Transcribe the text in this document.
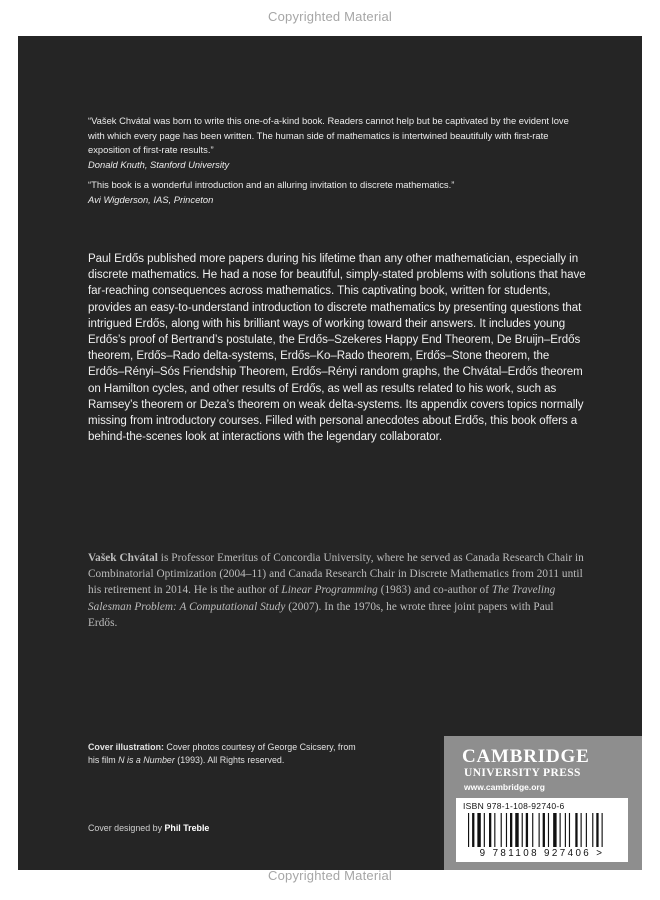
Copyrighted Material
“Vašek Chvátal was born to write this one-of-a-kind book. Readers cannot help but be captivated by the evident love with which every page has been written. The human side of mathematics is intertwined beautifully with first-rate exposition of first-rate results.”
Donald Knuth, Stanford University
“This book is a wonderful introduction and an alluring invitation to discrete mathematics.”
Avi Wigderson, IAS, Princeton
Paul Erdős published more papers during his lifetime than any other mathematician, especially in discrete mathematics. He had a nose for beautiful, simply-stated problems with solutions that have far-reaching consequences across mathematics. This captivating book, written for students, provides an easy-to-understand introduction to discrete mathematics by presenting questions that intrigued Erdős, along with his brilliant ways of working toward their answers. It includes young Erdős’s proof of Bertrand’s postulate, the Erdős–Szekeres Happy End Theorem, De Bruijn–Erdős theorem, Erdős–Rado delta-systems, Erdős–Ko–Rado theorem, Erdős–Stone theorem, the Erdős–Rényi–Sós Friendship Theorem, Erdős–Rényi random graphs, the Chvátal–Erdős theorem on Hamilton cycles, and other results of Erdős, as well as results related to his work, such as Ramsey’s theorem or Deza’s theorem on weak delta-systems. Its appendix covers topics normally missing from introductory courses. Filled with personal anecdotes about Erdős, this book offers a behind-the-scenes look at interactions with the legendary collaborator.
Vašek Chvátal is Professor Emeritus of Concordia University, where he served as Canada Research Chair in Combinatorial Optimization (2004–11) and Canada Research Chair in Discrete Mathematics from 2011 until his retirement in 2014. He is the author of Linear Programming (1983) and co-author of The Traveling Salesman Problem: A Computational Study (2007). In the 1970s, he wrote three joint papers with Paul Erdős.
Cover illustration: Cover photos courtesy of George Csicsery, from his film N is a Number (1993). All Rights reserved.
Cover designed by Phil Treble
CAMBRIDGE
UNIVERSITY PRESS
www.cambridge.org
ISBN 978-1-108-92740-6
9 781108 927406 >
Copyrighted Material
